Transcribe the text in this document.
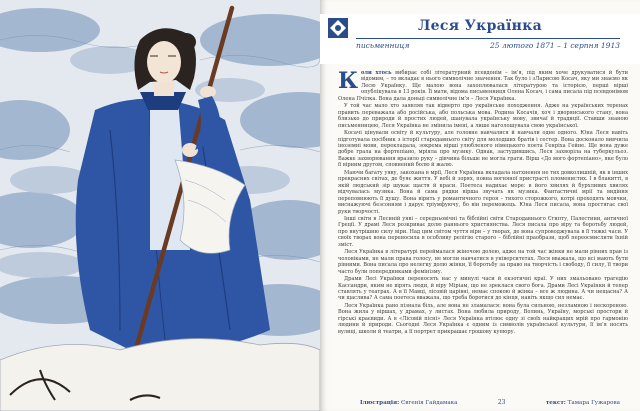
Леся Українка
письменниця	25 лютого 1871 – 1 серпня 1913

Коли хтось вибирає собі літературний псевдонім – ім’я, під яким хоче друкуватися й бути відомим, – то вкладає в нього символічне значення. Так було і зЛарисою Косач, яку ми знаємо як Лесю Українку. Ще малою вона захоплювалася літературою та історією, перші вірші опублікувала в 13 років. Її мати, відома письменниця Олена Косач, і сама писала під псевдонімом Олена Пчілка. Вона дала доньці символічне ім’я – Леся Українка.

У той час мало хто заявляв так відверто про українське походження. Адже на українських теренах править переважала або російська, або польська мова. Родина Косачів, хоч і дворянського стану, вона близько до природи й простих людей, шанувала українську мову, звичаї й традиції. Ставши знаною письменницею, Леся Українка не змінила імені, а лише наголошувала свою української.

Косачі цінували освіту й культуру, але головне навчалися й навчали одне одного. Юна Леся навіть підготувала посібник з історії стародавнього світу для молодших братів і сестер. Вона досконало вивчила іноземні мови, перекладала, зокрема вірші улюбленого німецького поета Генріха Гейне. Ще вона дуже добре грала на фортепіано, мріяла про музику. Однак, застудившись, Леся захворіла на туберкульоз. Важке захворювання вразило руку – дівчина більше не могла грати. Вірш «До мого фортепіано», яке було її вірним другом, сповнений болю й жалю.

Маючи багату уяву, закохана в мрії, Леся Українка вкладала натхнення не тих довколишній, як в інших прекрасних світах, де буяє життя. У вебі й зорях, повна вогняної пристрасті пломенистих. І в блакитті, в якій людський зір шукає щастя й краси. Поетеса надихає море: в його хвилях й бурхливих хвилях відчувалась музика. Вона й сама рядки вірша звучать як музика. Фантастичні мрії та видіння переповнюють її душу. Вона вірить у романтичного героя – тихого сторожкого, котрі проходять мовчки, виснажуючі безсонням і дарує тріумфуючу, бо він переможець. Юна Леся писала, вона простягає свої руки творчості.

Інші світи в Лесиній уяві – середньовічні та біблійні світи Стародавнього Єгипту, Палестини, античної Греції. У драмі Леся розкриває долю раннього християнства. Леся писала про віру та боротьбу людей, про внутрішню силу віри. Над цим світом чуття віри – у творах, де вона супроводжувала в її тяжкі часи. У своїх творах вона переносила в особливу релігію старого – біблійні праобрази, щоб переосмислити їхній зміст.

Леся Українка в літературі переймалася жіночою долею, адже на той час жінки не мали рівних прав із чоловіками, не мали права голосу, не могли навчатися в університетах. Леся вважала, що всі мають бути рівними. Вона писала про нелегку долю жінки, її боротьбу за право на творчість і свободу, її силу, її твори часто були попередниками фемінізму.

Драми Лесі Українки переносять нас у минулі часи й екзотичні краї. У них змальовано трагедію Кассандри, яким не вірять люди, й віру Міріам, що не зреклася свого бога. Драми Лесі Українки й тепер ставлять у театрах. А в її Мавці, лісовій царівні, немає спокою й жінка – все ж людина. А чи нещасна? А чи щаслива? А сама поетеса вважала, що треба боротися до кінця, навіть якщо сил немає.

Леся Українка рано пізнала біль, але вона не зламалася: вона була сильною, незламною і нескореною. Вона жила у віршах, у драмах, у листах. Вона любила природу, Волинь, Україну, морські простори й гірські краєвиди. А в «Лісовій пісні» Леся Українка втілює одну зі своїх найкращих мрій про гармонію людини й природи. Сьогодні Леся Українка є одним із символів української культури, її ім’я носять вулиці, школи й театри, а її портрет прикрашає грошову купюру.

Ілюстрація: Євгенія Гайдамака	23	текст: Тамара Гужарова
